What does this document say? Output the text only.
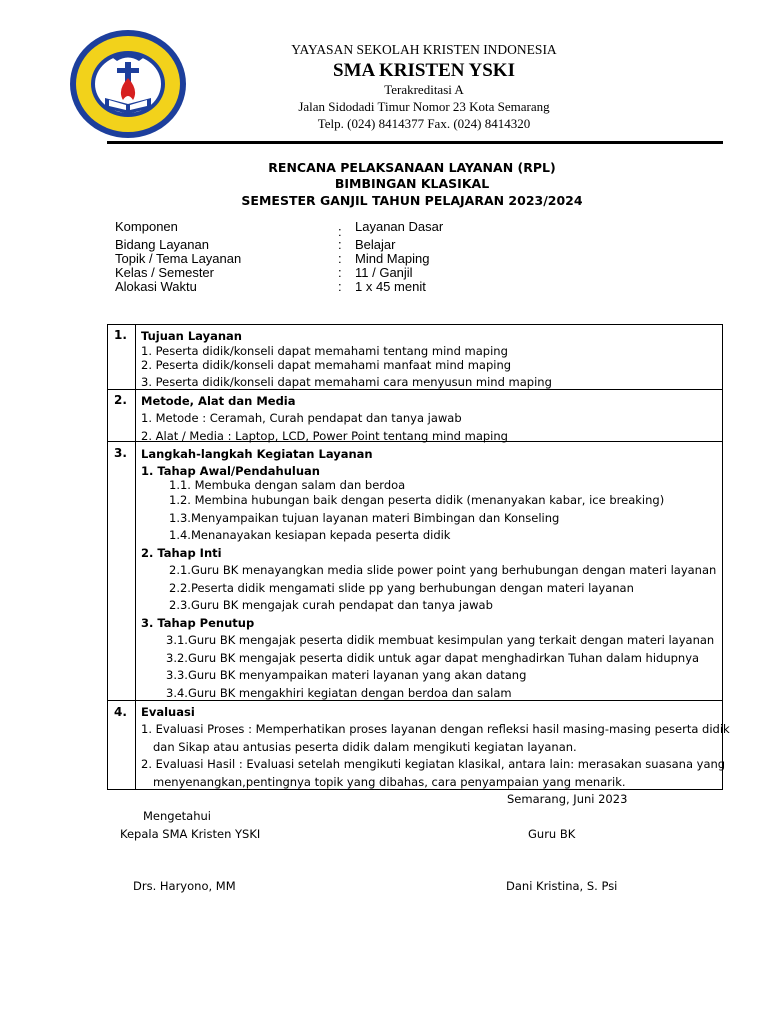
YAYASAN SEKOLAH KRISTEN INDONESIA
SMA KRISTEN YSKI
Terakreditasi A
Jalan Sidodadi Timur Nomor 23 Kota Semarang
Telp. (024) 8414377 Fax. (024) 8414320
RENCANA PELAKSANAAN LAYANAN (RPL)
BIMBINGAN KLASIKAL
SEMESTER GANJIL TAHUN PELAJARAN 2023/2024
Komponen	: Layanan Dasar
Bidang Layanan	: Belajar
Topik / Tema Layanan	: Mind Maping
Kelas / Semester	: 11 / Ganjil
Alokasi Waktu	: 1 x 45 menit
1. Tujuan Layanan
1. Peserta didik/konseli dapat memahami tentang mind maping
2. Peserta didik/konseli dapat memahami manfaat mind maping
3. Peserta didik/konseli dapat memahami cara menyusun mind maping
2. Metode, Alat dan Media
1. Metode : Ceramah, Curah pendapat dan tanya jawab
2. Alat / Media : Laptop, LCD, Power Point tentang mind maping
3. Langkah-langkah Kegiatan Layanan
1. Tahap Awal/Pendahuluan
1.1. Membuka dengan salam dan berdoa
1.2. Membina hubungan baik dengan peserta didik (menanyakan kabar, ice breaking)
1.3.Menyampaikan tujuan layanan materi Bimbingan dan Konseling
1.4.Menanayakan kesiapan kepada peserta didik
2. Tahap Inti
2.1.Guru BK menayangkan media slide power point yang berhubungan dengan materi layanan
2.2.Peserta didik mengamati slide pp yang berhubungan dengan materi layanan
2.3.Guru BK mengajak curah pendapat dan tanya jawab
3. Tahap Penutup
3.1.Guru BK mengajak peserta didik membuat kesimpulan yang terkait dengan materi layanan
3.2.Guru BK mengajak peserta didik untuk agar dapat menghadirkan Tuhan dalam hidupnya
3.3.Guru BK menyampaikan materi layanan yang akan datang
3.4.Guru BK mengakhiri kegiatan dengan berdoa dan salam
4. Evaluasi
1. Evaluasi Proses : Memperhatikan proses layanan dengan refleksi hasil masing-masing peserta didik
dan Sikap atau antusias peserta didik dalam mengikuti kegiatan layanan.
2. Evaluasi Hasil : Evaluasi setelah mengikuti kegiatan klasikal, antara lain: merasakan suasana yang
menyenangkan,pentingnya topik yang dibahas, cara penyampaian yang menarik.
Semarang, Juni 2023
Mengetahui
Kepala SMA Kristen YSKI	Guru BK
Drs. Haryono, MM	Dani Kristina, S. Psi
